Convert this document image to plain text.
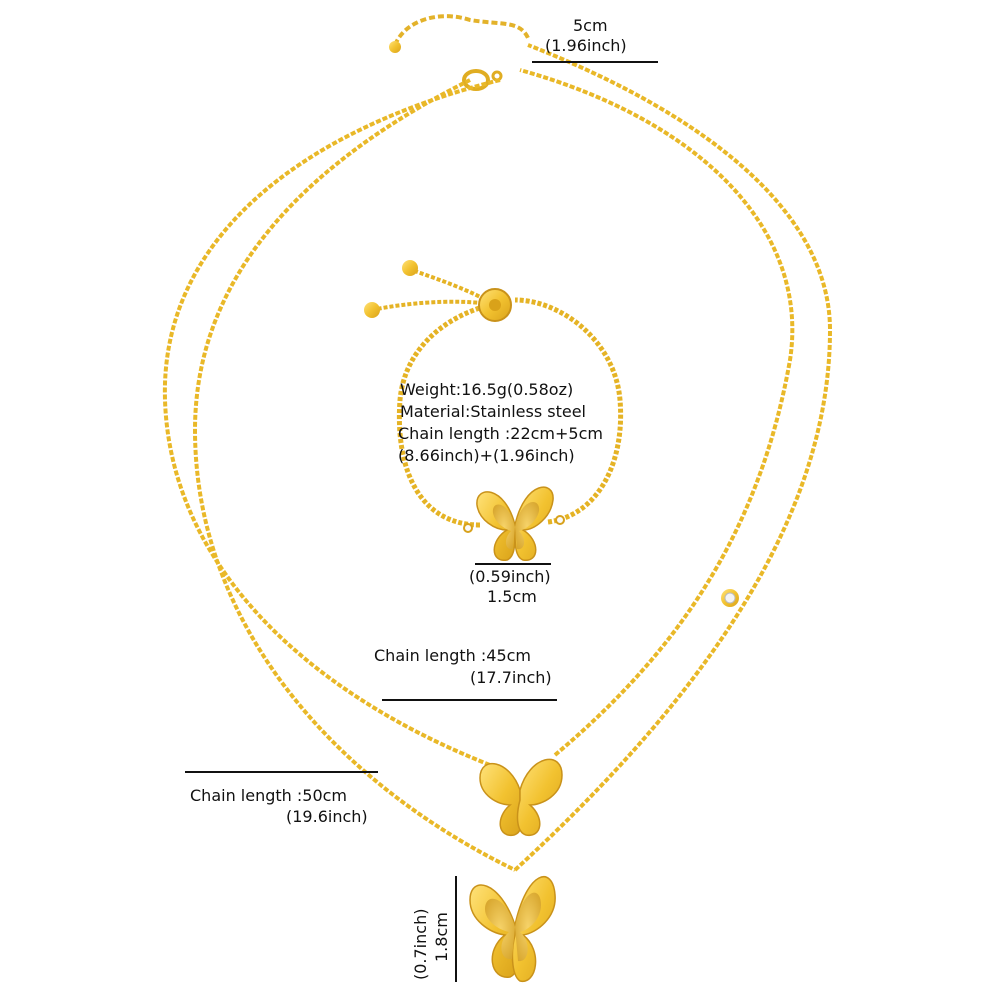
5cm
(1.96inch)
Weight:16.5g(0.58oz)
Material:Stainless steel
Chain length :22cm+5cm
(8.66inch)+(1.96inch)
(0.59inch)
1.5cm
Chain length :45cm
(17.7inch)
Chain length :50cm
(19.6inch)
(0.7inch) 1.8cm
